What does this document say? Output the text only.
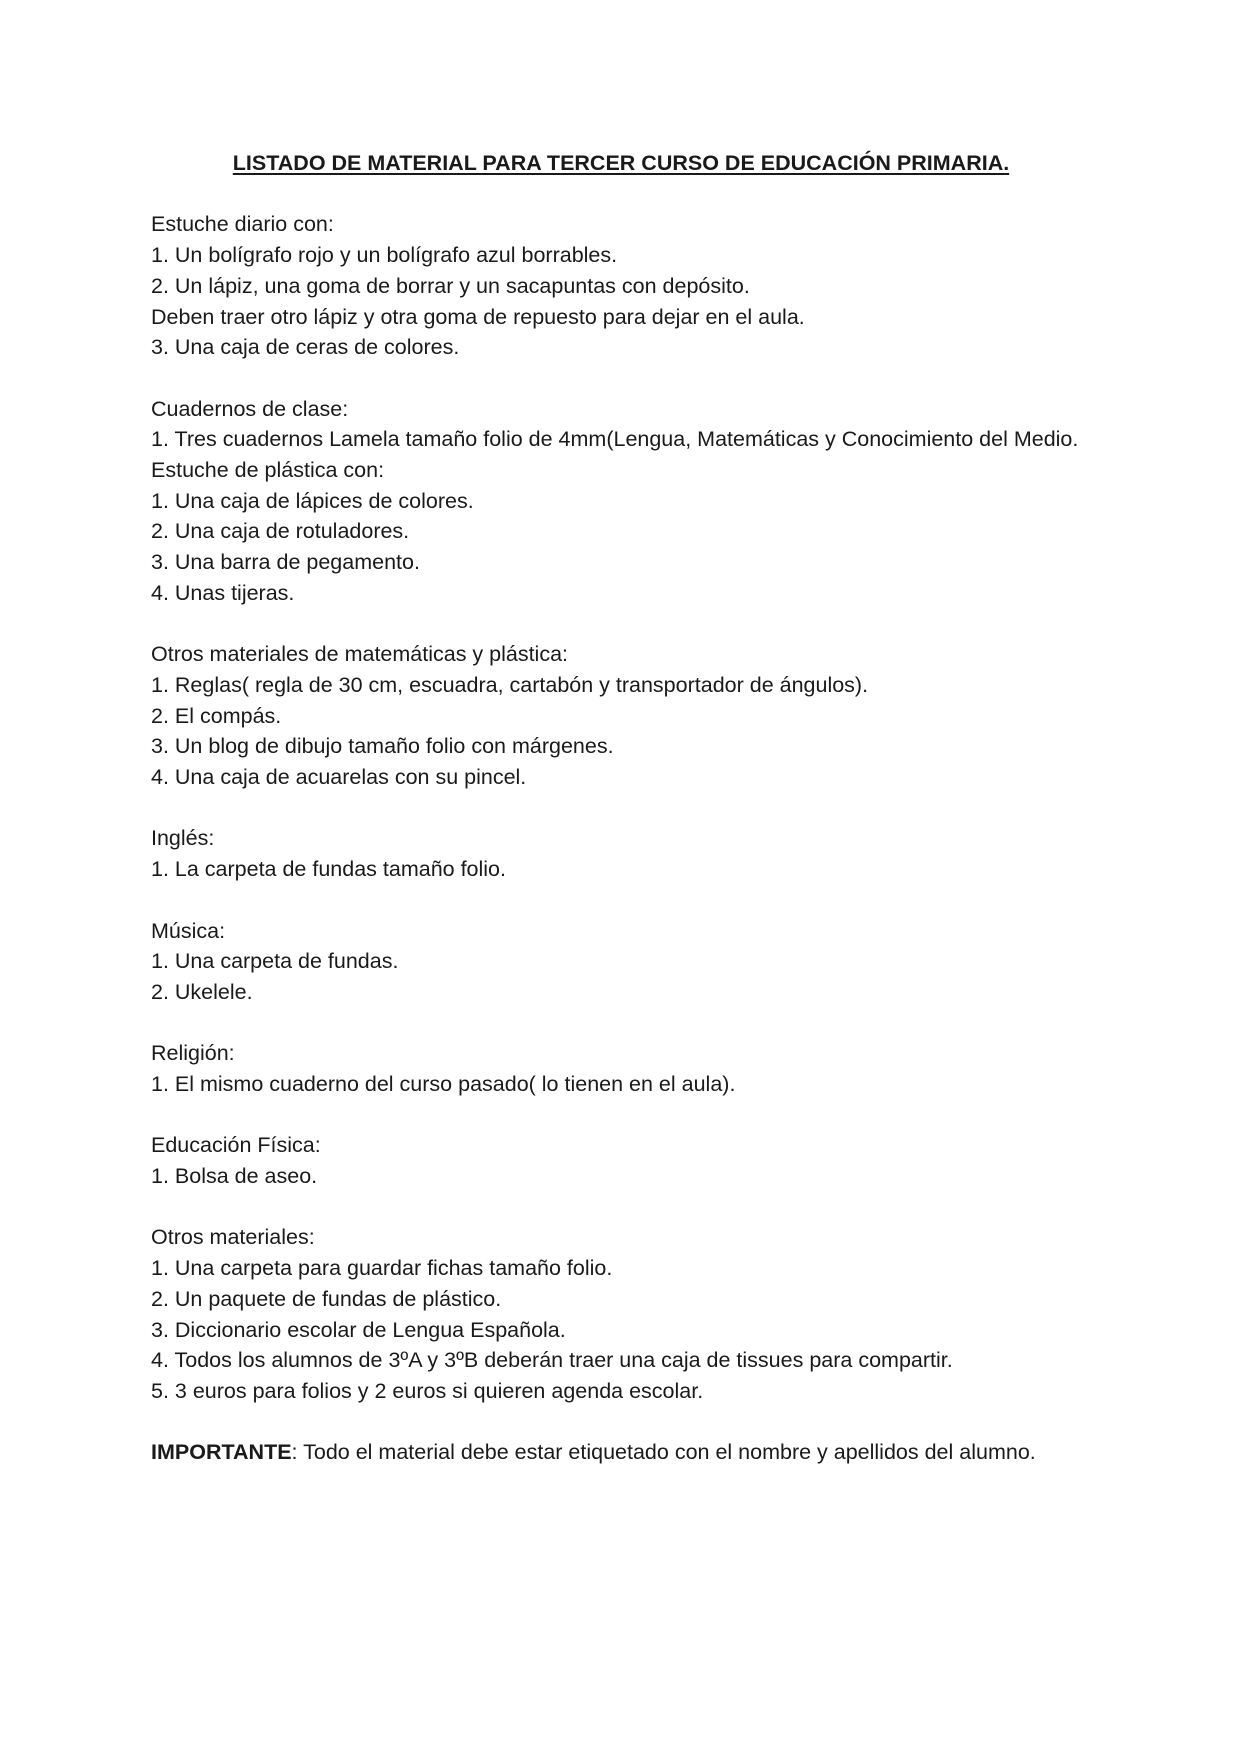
LISTADO DE MATERIAL PARA TERCER CURSO DE EDUCACIÓN PRIMARIA.
Estuche diario con:
1. Un bolígrafo rojo y un bolígrafo azul borrables.
2. Un lápiz, una goma de borrar y un sacapuntas con depósito.
Deben traer otro lápiz y otra goma de repuesto para dejar en el aula.
3. Una caja de ceras de colores.
Cuadernos de clase:
1. Tres cuadernos Lamela tamaño folio de 4mm(Lengua, Matemáticas y Conocimiento del Medio.
Estuche de plástica con:
1. Una caja de lápices de colores.
2. Una caja de rotuladores.
3. Una barra de pegamento.
4. Unas tijeras.
Otros materiales de matemáticas y plástica:
1. Reglas( regla de 30 cm, escuadra, cartabón y transportador de ángulos).
2. El compás.
3. Un blog de dibujo tamaño folio con márgenes.
4. Una caja de acuarelas con su pincel.
Inglés:
1. La carpeta de fundas tamaño folio.
Música:
1. Una carpeta de fundas.
2. Ukelele.
Religión:
1. El mismo cuaderno del curso pasado( lo tienen en el aula).
Educación Física:
1. Bolsa de aseo.
Otros materiales:
1. Una carpeta para guardar fichas tamaño folio.
2. Un paquete de fundas de plástico.
3. Diccionario escolar de Lengua Española.
4. Todos los alumnos de 3ºA y 3ºB deberán traer una caja de tissues para compartir.
5. 3 euros para folios y 2 euros si quieren agenda escolar.
IMPORTANTE: Todo el material debe estar etiquetado con el nombre y apellidos del alumno.
